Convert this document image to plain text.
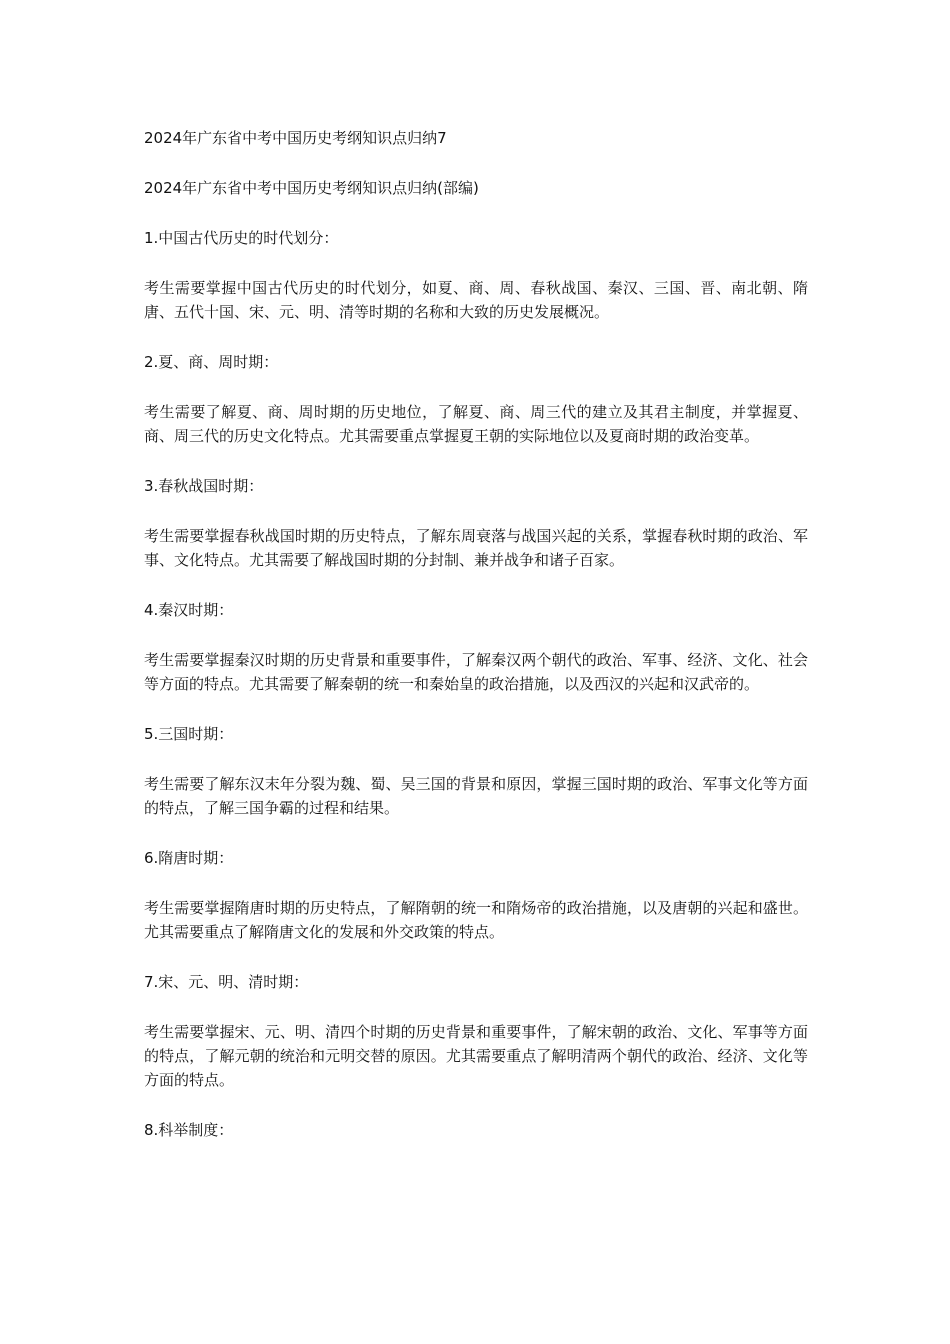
2024年广东省中考中国历史考纲知识点归纳7

2024年广东省中考中国历史考纲知识点归纳(部编)

1.中国古代历史的时代划分：

考生需要掌握中国古代历史的时代划分，如夏、商、周、春秋战国、秦汉、三国、晋、南北朝、隋唐、五代十国、宋、元、明、清等时期的名称和大致的历史发展概况。

2.夏、商、周时期：

考生需要了解夏、商、周时期的历史地位，了解夏、商、周三代的建立及其君主制度，并掌握夏、商、周三代的历史文化特点。尤其需要重点掌握夏王朝的实际地位以及夏商时期的政治变革。

3.春秋战国时期：

考生需要掌握春秋战国时期的历史特点，了解东周衰落与战国兴起的关系，掌握春秋时期的政治、军事、文化特点。尤其需要了解战国时期的分封制、兼并战争和诸子百家。

4.秦汉时期：

考生需要掌握秦汉时期的历史背景和重要事件，了解秦汉两个朝代的政治、军事、经济、文化、社会等方面的特点。尤其需要了解秦朝的统一和秦始皇的政治措施，以及西汉的兴起和汉武帝的。

5.三国时期：

考生需要了解东汉末年分裂为魏、蜀、吴三国的背景和原因，掌握三国时期的政治、军事文化等方面的特点，了解三国争霸的过程和结果。

6.隋唐时期：

考生需要掌握隋唐时期的历史特点，了解隋朝的统一和隋炀帝的政治措施，以及唐朝的兴起和盛世。尤其需要重点了解隋唐文化的发展和外交政策的特点。

7.宋、元、明、清时期：

考生需要掌握宋、元、明、清四个时期的历史背景和重要事件，了解宋朝的政治、文化、军事等方面的特点，了解元朝的统治和元明交替的原因。尤其需要重点了解明清两个朝代的政治、经济、文化等方面的特点。

8.科举制度：
